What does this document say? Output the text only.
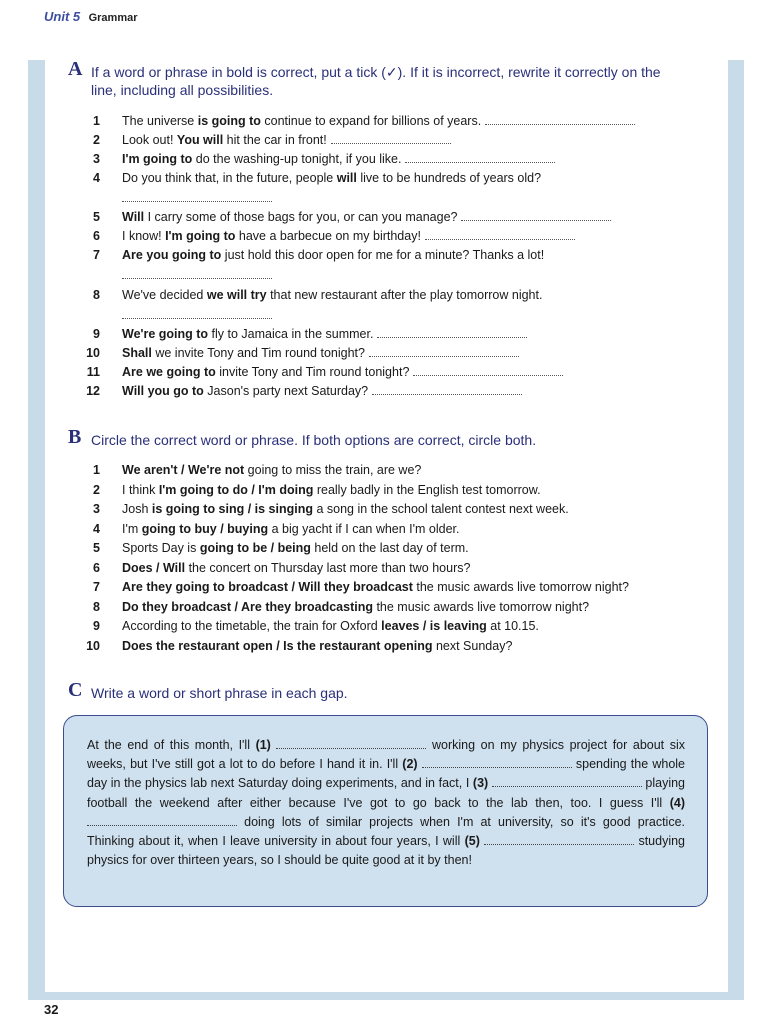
Unit 5 Grammar
A If a word or phrase in bold is correct, put a tick (✓). If it is incorrect, rewrite it correctly on the line, including all possibilities.
1 The universe is going to continue to expand for billions of years.
2 Look out! You will hit the car in front!
3 I'm going to do the washing-up tonight, if you like.
4 Do you think that, in the future, people will live to be hundreds of years old?
5 Will I carry some of those bags for you, or can you manage?
6 I know! I'm going to have a barbecue on my birthday!
7 Are you going to just hold this door open for me for a minute? Thanks a lot!
8 We've decided we will try that new restaurant after the play tomorrow night.
9 We're going to fly to Jamaica in the summer.
10 Shall we invite Tony and Tim round tonight?
11 Are we going to invite Tony and Tim round tonight?
12 Will you go to Jason's party next Saturday?
B Circle the correct word or phrase. If both options are correct, circle both.
1 We aren't / We're not going to miss the train, are we?
2 I think I'm going to do / I'm doing really badly in the English test tomorrow.
3 Josh is going to sing / is singing a song in the school talent contest next week.
4 I'm going to buy / buying a big yacht if I can when I'm older.
5 Sports Day is going to be / being held on the last day of term.
6 Does / Will the concert on Thursday last more than two hours?
7 Are they going to broadcast / Will they broadcast the music awards live tomorrow night?
8 Do they broadcast / Are they broadcasting the music awards live tomorrow night?
9 According to the timetable, the train for Oxford leaves / is leaving at 10.15.
10 Does the restaurant open / Is the restaurant opening next Sunday?
C Write a word or short phrase in each gap.
At the end of this month, I'll (1)	working on my physics project for about six weeks, but I've still got a lot to do before I hand it in. I'll (2)	spending the whole day in the physics lab next Saturday doing experiments, and in fact, I (3)	playing football the weekend after either because I've got to go back to the lab then, too. I guess I'll (4)  doing lots of similar projects when I'm at university, so it's good practice. Thinking about it, when I leave university in about four years, I will (5)	studying physics for over thirteen years, so I should be quite good at it by then!
32
